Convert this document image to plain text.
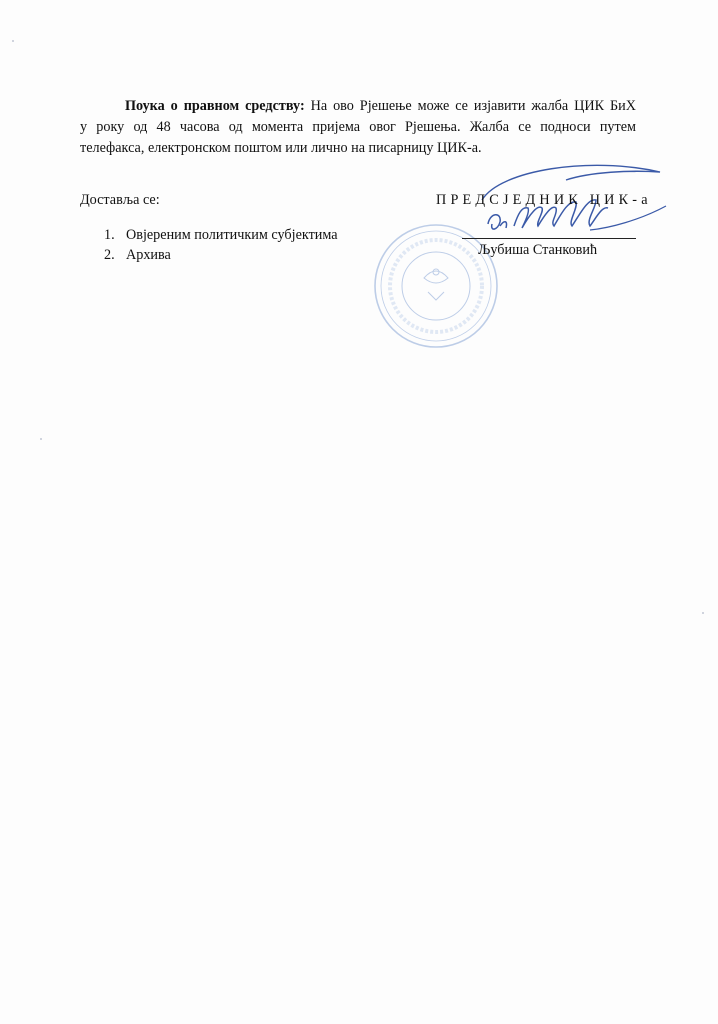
Поука о правном средству: На ово Рјешење може се изјавити жалба ЦИК БиХ
у року од 48 часова од момента пријема овог Рјешења. Жалба се подноси путем
телефакса, електронском поштом или лично на писарницу ЦИК-а.
Достављa се:
1. Овјереним политичким субјектима
2. Архива
ПРЕДСЈЕДНИК ЦИК-а
Љубиша Станковић
